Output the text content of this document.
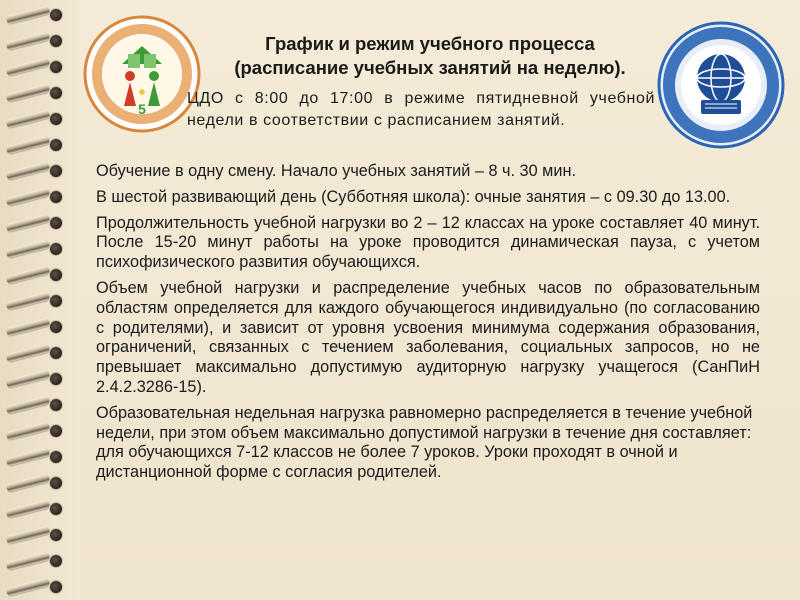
5
График и режим учебного процесса
(расписание учебных занятий на неделю).
ЦДО с 8:00 до 17:00 в режиме пятидневной учебной недели в соответствии с расписанием занятий.

Обучение в одну смену. Начало учебных занятий – 8 ч. 30 мин.

В шестой развивающий день (Субботняя школа): очные занятия – с 09.30 до 13.00.

Продолжительность учебной нагрузки во 2 – 12 классах на уроке составляет 40 минут. После 15-20 минут работы на уроке проводится динамическая пауза, с учетом психофизического развития обучающихся.

Объем учебной нагрузки и распределение учебных часов по образовательным областям определяется для каждого обучающегося индивидуально (по согласованию с родителями), и зависит от уровня усвоения минимума содержания образования, ограничений, связанных с течением заболевания, социальных запросов, но не превышает максимально допустимую аудиторную нагрузку учащегося (СанПиН 2.4.2.3286-15).

Образовательная недельная нагрузка равномерно распределяется в течение учебной недели, при этом объем максимально допустимой нагрузки в течение дня составляет: для обучающихся 7-12 классов не более 7 уроков. Уроки проходят в очной и дистанционной форме с согласия родителей.
